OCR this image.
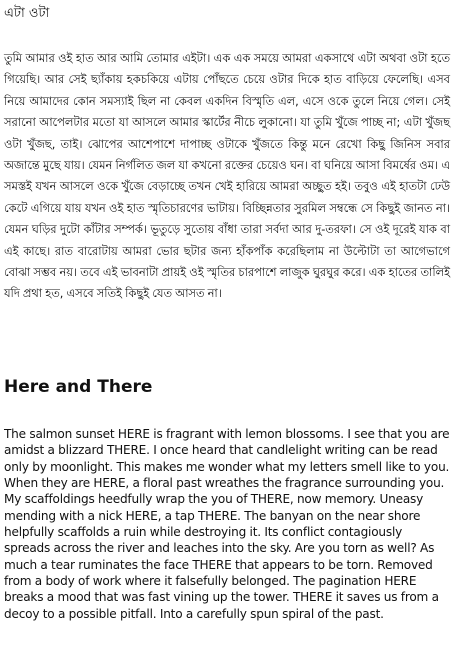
এটা ওটা

তুমি আমার ওই হাত আর আমি তোমার এইটা। এক এক সময়ে আমরা একসাথে এটা অথবা ওটা হতে গিয়েছি। আর সেই ছ্যাঁকায় হকচকিয়ে এটায় পোঁছতে চেয়ে ওটার দিকে হাত বাড়িয়ে ফেলেছি। এসব নিয়ে আমাদের কোন সমস্যাই ছিল না কেবল একদিন বিস্মৃতি এল, এসে ওকে তুলে নিয়ে গেল। সেই সরানো আপেলটার মতো যা আসলে আমার স্কার্টের নীচে লুকানো। যা তুমি খুঁজে পাচ্ছ না; এটা খুঁজছ ওটা খুঁজছ, তাই। ঝোপের আশেপাশে দাপাচ্ছ ওটাকে খুঁজতে কিন্তু মনে রেখো কিছু জিনিস সবার অজান্তে মুছে যায়। যেমন নির্গলিত জল যা কখনো রক্তের চেয়েও ঘন। বা ঘনিয়ে আসা বিমর্ষের ওম। এ সমস্তই যখন আসলে ওকে খুঁজে বেড়াচ্ছে তখন খেই হারিয়ে আমরা অচ্ছুত হই। তবুও এই হাতটা ঢেউ কেটে এগিয়ে যায় যখন ওই হাত স্মৃতিচারণের ভাটায়। বিচ্ছিন্নতার সুরমিল সম্বন্ধে সে কিছুই জানত না। যেমন ঘড়ির দুটো কাঁটার সম্পর্ক। ভূতুড়ে সুতোয় বাঁধা তারা সর্বদা আর দু-তরফা। সে ওই দূরেই যাক বা এই কাছে। রাত বারোটায় আমরা ভোর ছটার জন্য হাঁকপাঁক করেছিলাম না উল্টোটা তা আগেভাগে বোঝা সম্ভব নয়। তবে এই ভাবনাটা প্রায়ই ওই স্মৃতির চারপাশে লাজুক ঘুরঘুর করে। এক হাতের তালিই যদি প্রথা হত, এসবে সতিই কিছুই যেত আসত না।

Here and There

The salmon sunset HERE is fragrant with lemon blossoms. I see that you are amidst a blizzard THERE. I once heard that candlelight writing can be read only by moonlight. This makes me wonder what my letters smell like to you. When they are HERE, a floral past wreathes the fragrance surrounding you. My scaffoldings heedfully wrap the you of THERE, now memory. Uneasy mending with a nick HERE, a tap THERE. The banyan on the near shore helpfully scaffolds a ruin while destroying it. Its conflict contagiously spreads across the river and leaches into the sky. Are you torn as well? As much a tear ruminates the face THERE that appears to be torn. Removed from a body of work where it falsefully belonged. The pagination HERE breaks a mood that was fast vining up the tower. THERE it saves us from a decoy to a possible pitfall. Into a carefully spun spiral of the past.
